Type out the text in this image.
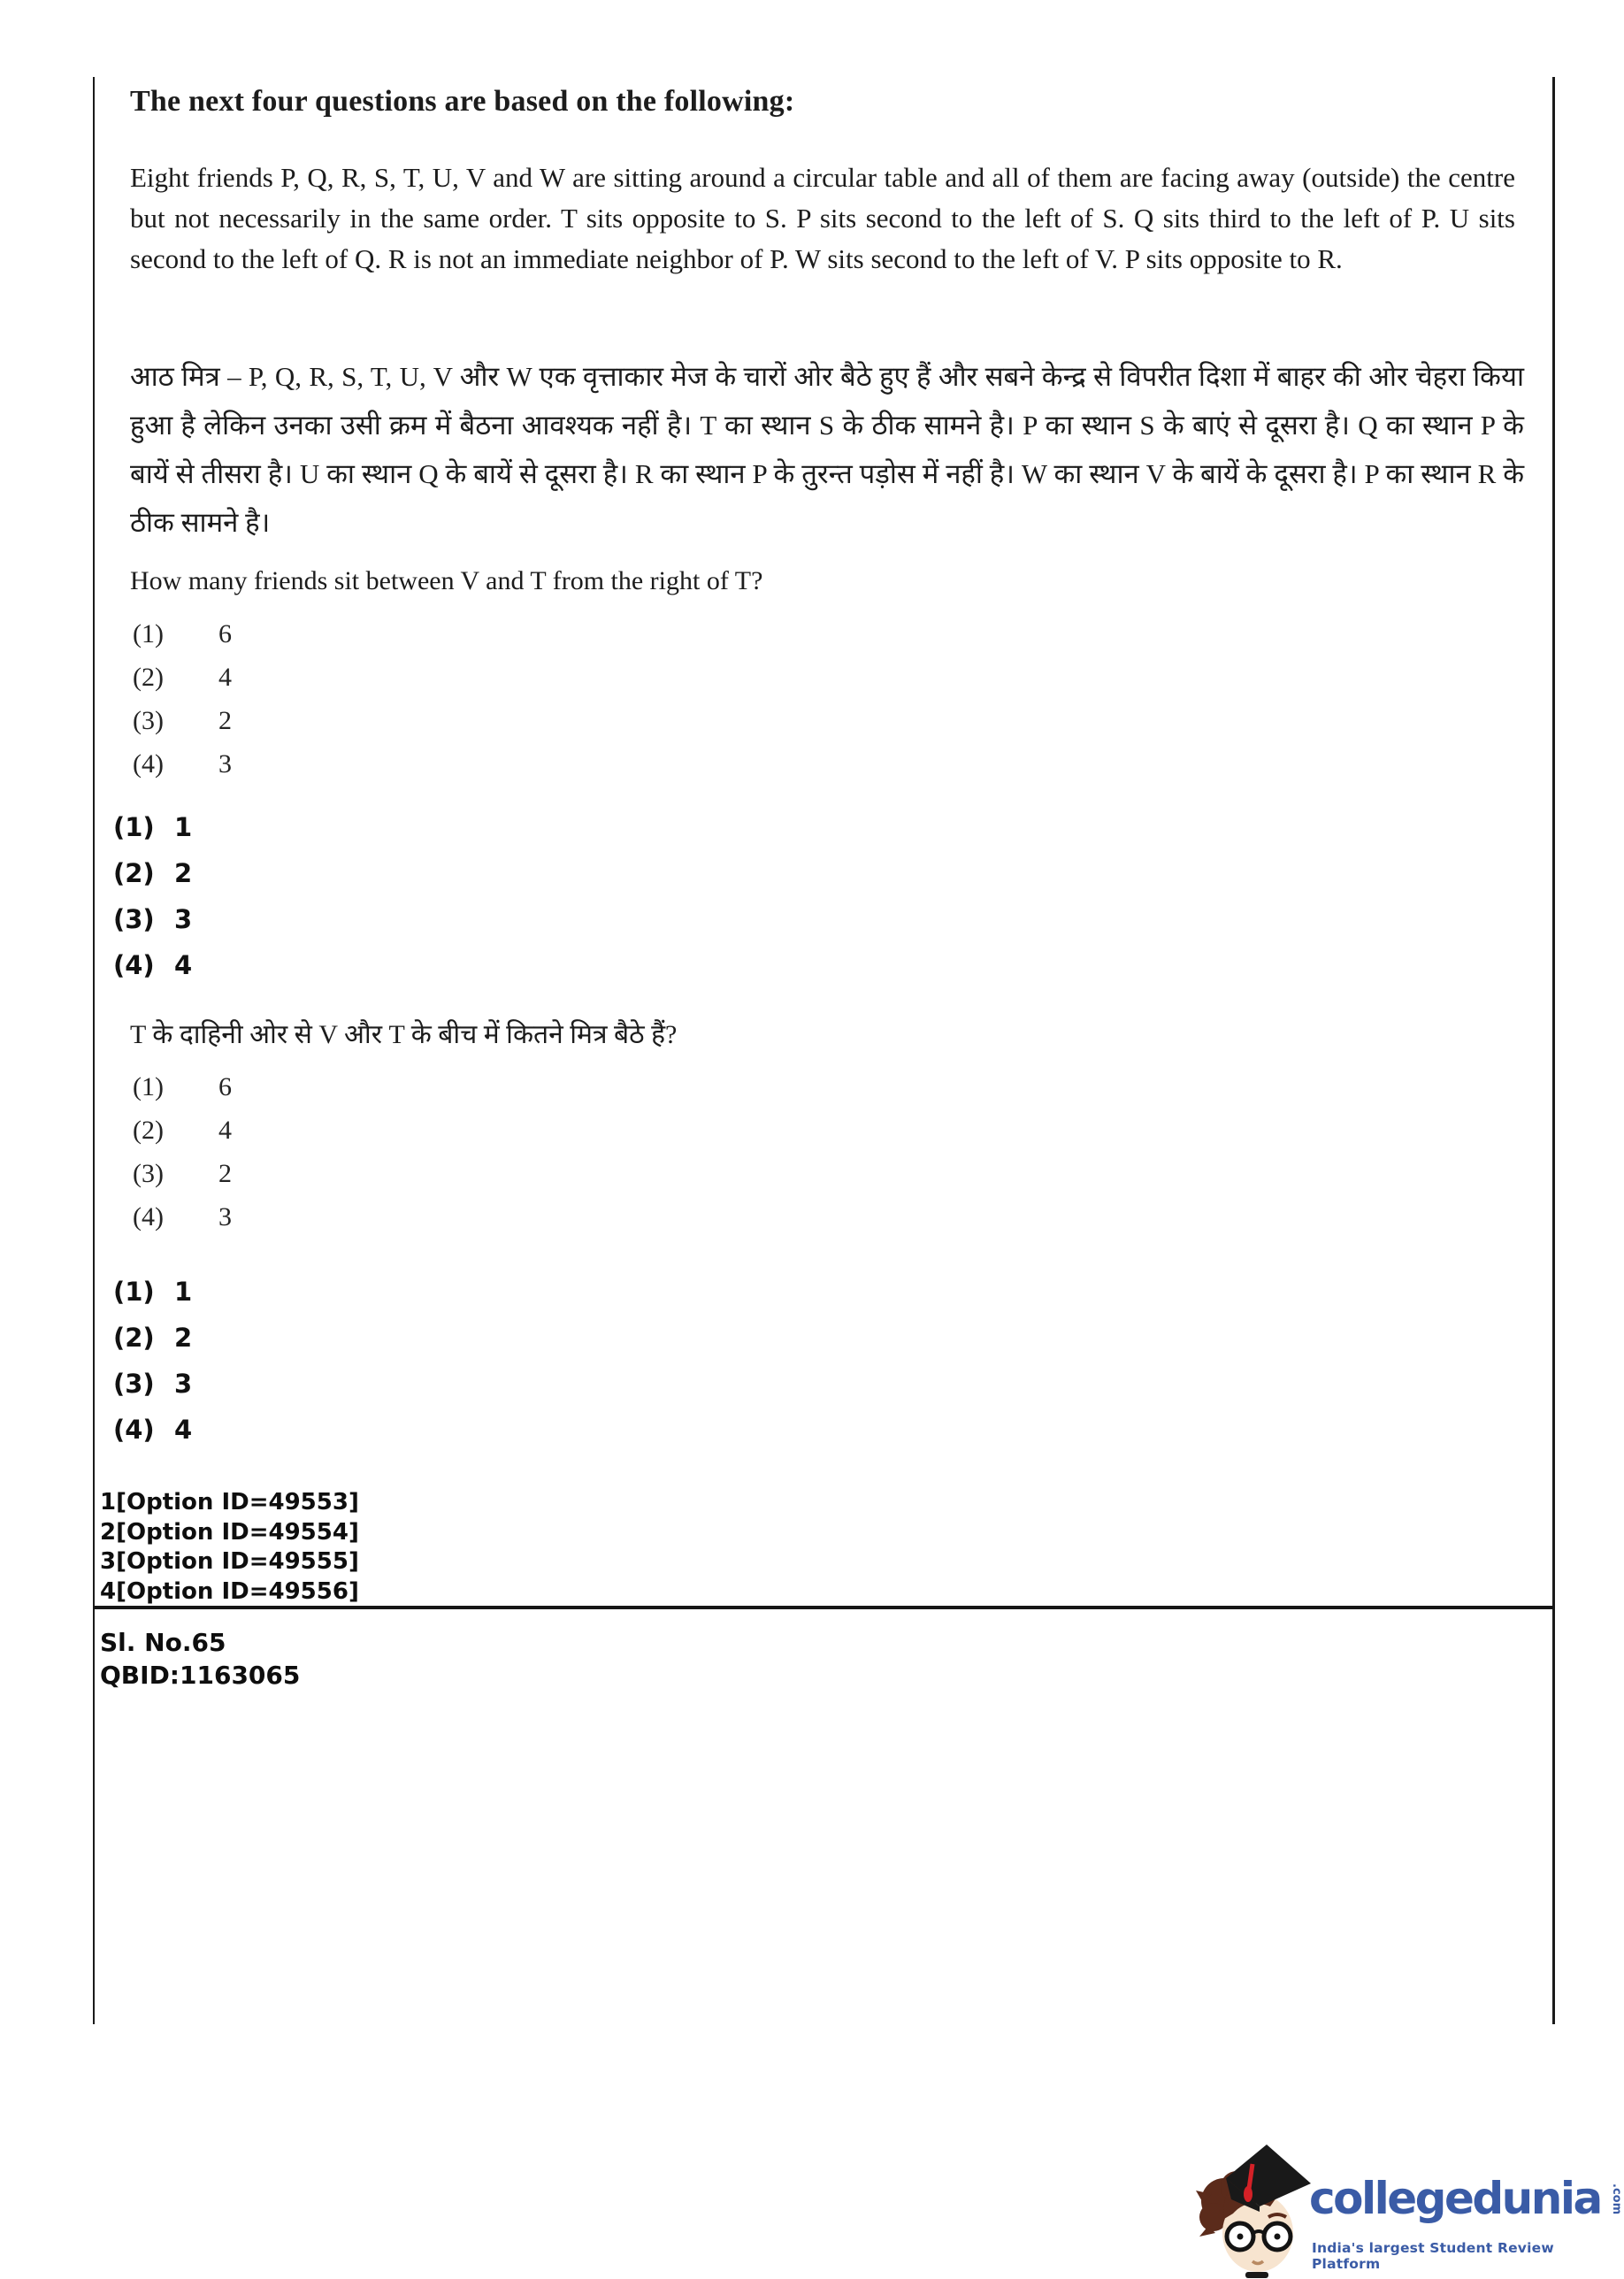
The next four questions are based on the following:
Eight friends P, Q, R, S, T, U, V and W are sitting around a circular table and all of them are facing away (outside) the centre but not necessarily in the same order. T sits opposite to S. P sits second to the left of S. Q sits third to the left of P. U sits second to the left of Q. R is not an immediate neighbor of P. W sits second to the left of V. P sits opposite to R.
आठ मित्र – P, Q, R, S, T, U, V और W एक वृत्ताकार मेज के चारों ओर बैठे हुए हैं और सबने केन्द्र से विपरीत दिशा में बाहर की ओर चेहरा किया हुआ है लेकिन उनका उसी क्रम में बैठना आवश्यक नहीं है। T का स्थान S के ठीक सामने है। P का स्थान S के बाएं से दूसरा है। Q का स्थान P के बायें से तीसरा है। U का स्थान Q के बायें से दूसरा है। R का स्थान P के तुरन्त पड़ोस में नहीं है। W का स्थान V के बायें के दूसरा है। P का स्थान R के ठीक सामने है।
How many friends sit between V and T from the right of T?
(1)	6
(2)	4
(3)	2
(4)	3
(1) 1
(2) 2
(3) 3
(4) 4
T के दाहिनी ओर से V और T के बीच में कितने मित्र बैठे हैं?
(1)	6
(2)	4
(3)	2
(4)	3
(1) 1
(2) 2
(3) 3
(4) 4
1[Option ID=49553]
2[Option ID=49554]
3[Option ID=49555]
4[Option ID=49556]
Sl. No.65
QBID:1163065
collegedunia .com
India's largest Student Review Platform
